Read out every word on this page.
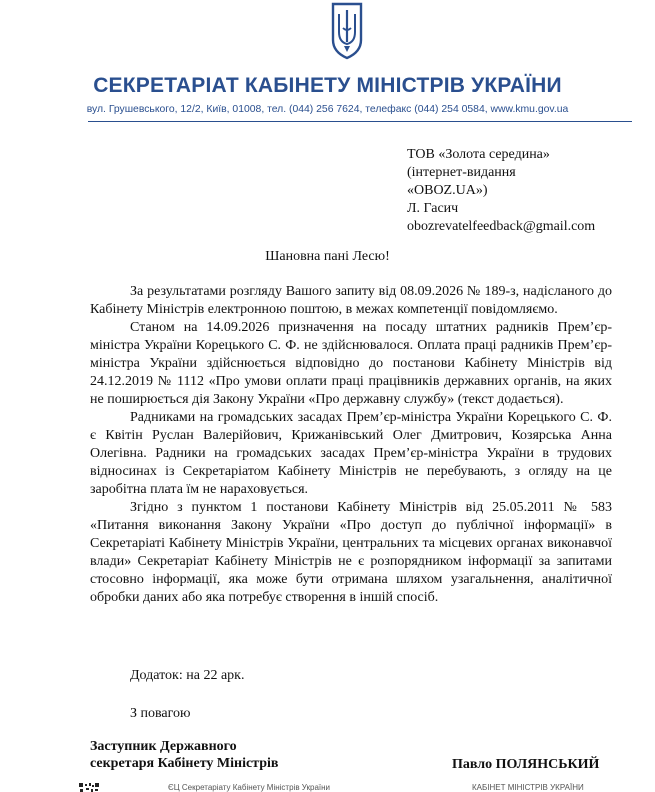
СЕКРЕТАРІАТ КАБІНЕТУ МІНІСТРІВ УКРАЇНИ
вул. Грушевського, 12/2, Київ, 01008, тел. (044) 256 7624, телефакс (044) 254 0584, www.kmu.gov.ua
ТОВ «Золота середина»
(інтернет-видання
«OBOZ.UA»)
Л. Гасич
obozrevatelfeedback@gmail.com
Шановна пані Лесю!

За результатами розгляду Вашого запиту від 08.09.2026 № 189-з, надісланого до Кабінету Міністрів електронною поштою, в межах компетенції повідомляємо.

Станом на 14.09.2026 призначення на посаду штатних радників Прем’єр-міністра України Корецького С. Ф. не здійснювалося. Оплата праці радників Прем’єр-міністра України здійснюється відповідно до постанови Кабінету Міністрів від 24.12.2019 № 1112 «Про умови оплати праці працівників державних органів, на яких не поширюється дія Закону України «Про державну службу» (текст додається).

Радниками на громадських засадах Прем’єр-міністра України Корецького С. Ф. є Квітін Руслан Валерійович, Крижанівський Олег Дмитрович, Козярська Анна Олегівна. Радники на громадських засадах Прем’єр-міністра України в трудових відносинах із Секретаріатом Кабінету Міністрів не перебувають, з огляду на це заробітна плата їм не нараховується.

Згідно з пунктом 1 постанови Кабінету Міністрів від 25.05.2011 № 583 «Питання виконання Закону України «Про доступ до публічної інформації» в Секретаріаті Кабінету Міністрів України, центральних та місцевих органах виконавчої влади» Секретаріат Кабінету Міністрів не є розпорядником інформації за запитами стосовно інформації, яка може бути отримана шляхом узагальнення, аналітичної обробки даних або яка потребує створення в іншій спосіб.

Додаток: на 22 арк.
З повагою
Заступник Державного
секретаря Кабінету Міністрів	Павло ПОЛЯНСЬКИЙ
ЄЦ Секретаріату Кабінету Міністрів України	КАБІНЕТ МІНІСТРІВ УКРАЇНИ
